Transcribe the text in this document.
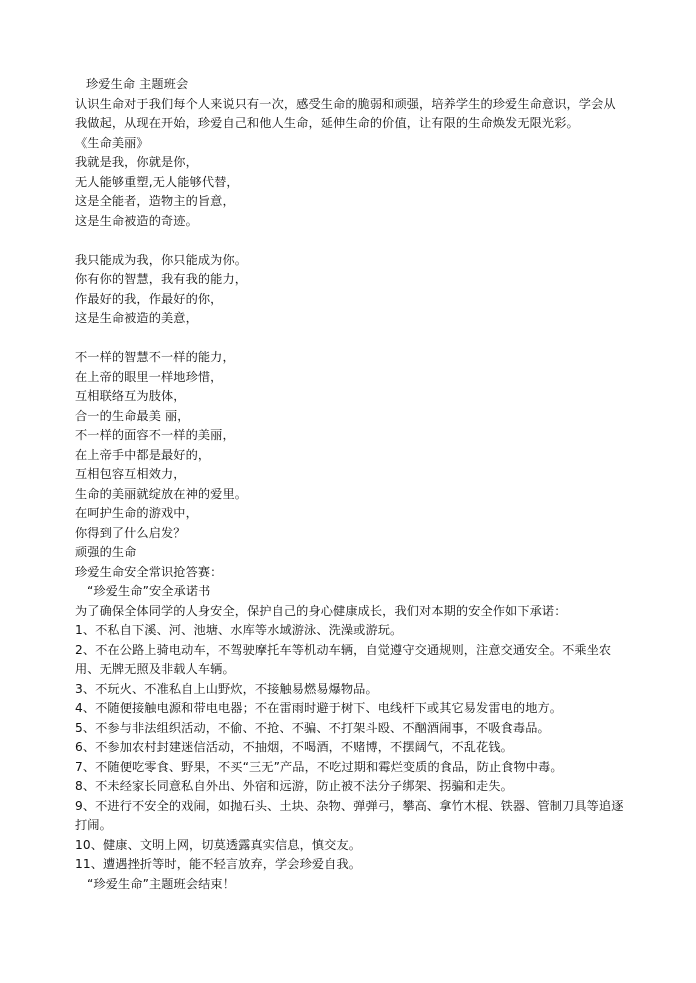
珍爱生命 主题班会
认识生命对于我们每个人来说只有一次，感受生命的脆弱和顽强，培养学生的珍爱生命意识，学会从我做起，从现在开始，珍爱自己和他人生命，延伸生命的价值，让有限的生命焕发无限光彩。
《生命美丽》
我就是我，你就是你，
无人能够重塑,无人能够代替，
这是全能者，造物主的旨意，
这是生命被造的奇迹。
我只能成为我，你只能成为你。
你有你的智慧，我有我的能力，
作最好的我，作最好的你，
这是生命被造的美意，
不一样的智慧不一样的能力，
在上帝的眼里一样地珍惜，
互相联络互为肢体，
合一的生命最美 丽，
不一样的面容不一样的美丽，
在上帝手中都是最好的，
互相包容互相效力，
生命的美丽就绽放在神的爱里。
在呵护生命的游戏中，
你得到了什么启发？
顽强的生命
珍爱生命安全常识抢答赛：
“珍爱生命”安全承诺书
为了确保全体同学的人身安全，保护自己的身心健康成长，我们对本期的安全作如下承诺：
1、不私自下溪、河、池塘、水库等水域游泳、洗澡或游玩。
2、不在公路上骑电动车，不驾驶摩托车等机动车辆，自觉遵守交通规则，注意交通安全。不乘坐农用、无牌无照及非载人车辆。
3、不玩火、不准私自上山野炊，不接触易燃易爆物品。
4、不随便接触电源和带电电器；不在雷雨时避于树下、电线杆下或其它易发雷电的地方。
5、不参与非法组织活动，不偷、不抢、不骗、不打架斗殴、不酗酒闹事，不吸食毒品。
6、不参加农村封建迷信活动，不抽烟，不喝酒，不赌博，不摆阔气，不乱花钱。
7、不随便吃零食、野果，不买“三无”产品，不吃过期和霉烂变质的食品，防止食物中毒。
8、不未经家长同意私自外出、外宿和远游，防止被不法分子绑架、拐骗和走失。
9、不进行不安全的戏闹，如抛石头、土块、杂物、弹弹弓，攀高、拿竹木棍、铁器、管制刀具等追逐打闹。
10、健康、文明上网，切莫透露真实信息，慎交友。
11、遭遇挫折等时，能不轻言放弃，学会珍爱自我。
“珍爱生命”主题班会结束！
